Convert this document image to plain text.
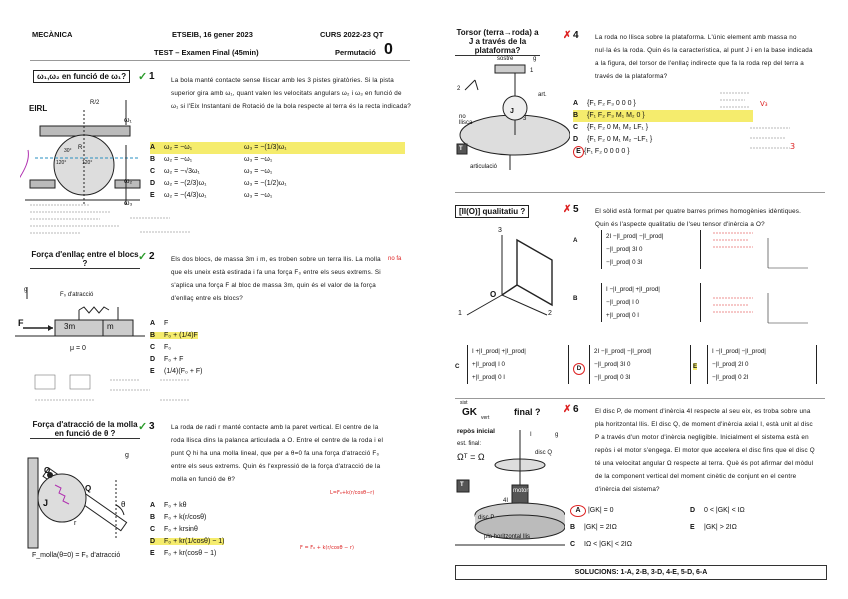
MECÀNICA	ETSEIB, 16 gener 2023	CURS 2022-23 QT
TEST – Examen Final (45min)	Permutació 0
ω₁,ω₂ en funció de ω₁?	✓ 1	La bola manté contacte sense lliscar amb les 3 pistes giratòries. Si la pista superior gira amb ω₁, quant valen les velocitats angulars ω₂ i ω₃ en funció de ω₁ si l'Eix Instantani de Rotació de la bola respecte al terra és la recta indicada?
EIRL
R/2
R
ω₁
ω₂
ω₃
30°
120°	120°
A ω₂ = −ω₁	ω₃ = −(1/3)ω₁
B ω₂ = −ω₁	ω₃ = −ω₁
C ω₂ = −√3ω₁	ω₃ = −ω₁
D ω₂ = −(2/3)ω₁	ω₃ = −(1/2)ω₁
E ω₂ = −(4/3)ω₁	ω₃ = −ω₁
Força d'enllaç entre el blocs ?
✓ 2	Els dos blocs, de massa 3m i m, es troben sobre un terra llis. La molla que els uneix està estirada i fa una força F₀ entre els seus extrems. Si s'aplica una força F al bloc de massa 3m, quin és el valor de la força d'enllaç entre els blocs?
no fa
g
F₀ d'atracció
F	3m	m
μ = 0
A F
B F₀ + (1/4)F
C F₀
D F₀ + F
E (1/4)(F₀ + F)
Força d'atracció de la molla en funció de θ ?
✓ 3	La roda de radi r manté contacte amb la paret vertical. El centre de la roda llisca dins la palanca articulada a O. Entre el centre de la roda i el punt Q hi ha una molla lineal, que per a θ=0 fa una força d'atracció F₀ entre els seus extrems. Quin és l'expressió de la força d'atracció de la molla en funció de θ?
O
Q
J
r
θ
g
F_molla(θ=0) = F₀ d'atracció
A F₀ + kθ
B F₀ + k(r/cosθ)
C F₀ + krsinθ
D F₀ + kr(1/cosθ) − 1)
E F₀ + kr(cosθ − 1)
L=F₀+k(r/cosθ−r)
F = F₀ + k(r/cosθ − r)
Torsor (terra→roda) a J a través de la plataforma?
✗ 4	La roda no llisca sobre la plataforma. L'únic element amb massa no nul·la és la roda. Quin és la característica, al punt J i en la base indicada a la figura, del torsor de l'enllaç indirecte que fa la roda rep del terra a través de la plataforma?
sostre	g
art.
no llisca
articulació
T
J
1
2
3
A {F₁ F₂ F₃ 0 0 0 }
B {F₁ F₂ F₃ M₁ M₂ 0 }
C {F₁ F₂ 0 M₁ M₂ LF₁ }
D {F₁ F₂ 0 M₁ M₂ −LF₁ }
E {F₁ F₂ 0 0 0 0 }
V₃
3
[II(O)] qualitatiu ?	✗ 5	El sòlid està format per quatre barres primes homogènies idèntiques. Quin és l'aspecte qualitatiu de l'seu tensor d'inèrcia a O?
3
O
1	2
A
2I −|I_prod| −|I_prod|
−|I_prod| 3I 0
−|I_prod| 0 3I
B
I −|I_prod| +|I_prod|
−|I_prod| I 0
+|I_prod| 0 I
C
I +|I_prod| +|I_prod|
+|I_prod| I 0
+|I_prod| 0 I
D
2I −|I_prod| −|I_prod|
−|I_prod| 3I 0
−|I_prod| 0 3I
E
I −|I_prod| −|I_prod|
−|I_prod| 2I 0
−|I_prod| 0 2I
sist
GK vert
final ? ✗ 6	El disc P, de moment d'inèrcia 4I respecte al seu eix, es troba sobre una pla horitzontal llis. El disc Q, de moment d'inèrcia axial I, està unit al disc P a través d'un motor d'inèrcia negligible. Inicialment el sistema està en repòs i el motor s'engega. El motor que accelera el disc fins que el disc Q té una velocitat angular Ω respecte al terra. Què és pot afirmar del mòdul de la component vertical del moment cinètic de conjunt en el centre d'inèrcia del sistema?
repòs inicial
est. final:
Ωᵀ = Ω	disc Q
motor
disc P
pla horitzontal llis
T
g
4I
I
A |GK| = 0
B |GK| = 2IΩ
C IΩ < |GK| < 2IΩ
D 0 < |GK| < IΩ
E |GK| > 2IΩ
SOLUCIONS: 1-A, 2-B, 3-D, 4-E, 5-D, 6-A
